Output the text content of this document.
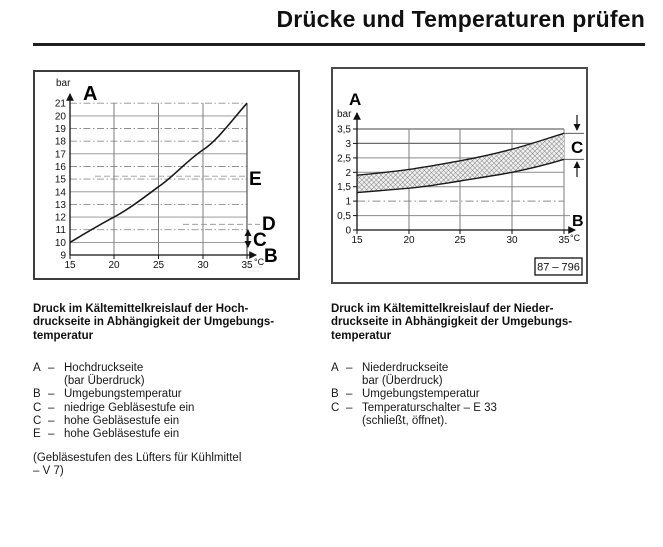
Drücke und Temperaturen prüfen
9
10
11
12
13
14
15
16
17
18
19
20
21
15	20	25	30	35 °C
bar A
E
D
C
B
0
0,5
1
1,5
2
2,5
3
3,5
15	20	25	30	35 °C
bar
A
C
B
87 – 796
Druck im Kältemittelkreislauf der Hoch-
druckseite in Abhängigkeit der Umgebungs-
temperatur
A – Hochdruckseite
(bar Überdruck)
B – Umgebungstemperatur
C – niedrige Gebläsestufe ein
C – hohe Gebläsestufe ein
E – hohe Gebläsestufe ein
(Gebläsestufen des Lüfters für Kühlmittel
– V 7)
Druck im Kältemittelkreislauf der Nieder-
druckseite in Abhängigkeit der Umgebungs-
temperatur
A – Niederdruckseite
bar (Überdruck)
B – Umgebungstemperatur
C – Temperaturschalter – E 33
(schließt, öffnet).
